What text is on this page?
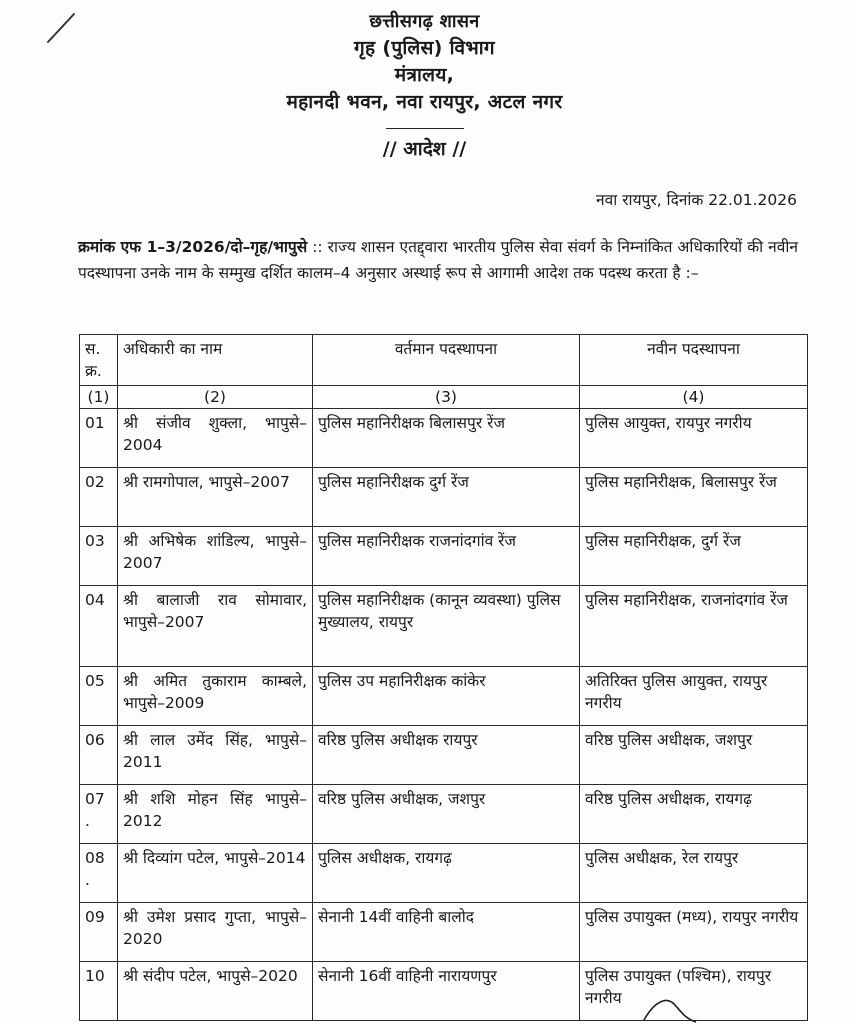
छत्तीसगढ़ शासन
गृह (पुलिस) विभाग
मंत्रालय,
महानदी भवन, नवा रायपुर, अटल नगर
// आदेश //
नवा रायपुर, दिनांक 22.01.2026
क्रमांक एफ 1–3/2026/दो–गृह/भापुसे :: राज्य शासन एतद्द्वारा भारतीय पुलिस सेवा संवर्ग के निम्नांकित अधिकारियों की नवीन पदस्थापना उनके नाम के सम्मुख दर्शित कालम–4 अनुसार अस्थाई रूप से आगामी आदेश तक पदस्थ करता है :–
स. क्र.	अधिकारी का नाम	वर्तमान पदस्थापना	नवीन पदस्थापना
(1)	(2)	(3)	(4)
01	श्री संजीव शुक्ला, भापुसे–2004	पुलिस महानिरीक्षक बिलासपुर रेंज	पुलिस आयुक्त, रायपुर नगरीय
02	श्री रामगोपाल, भापुसे–2007	पुलिस महानिरीक्षक दुर्ग रेंज	पुलिस महानिरीक्षक, बिलासपुर रेंज
03	श्री अभिषेक शांडिल्य, भापुसे–2007	पुलिस महानिरीक्षक राजनांदगांव रेंज	पुलिस महानिरीक्षक, दुर्ग रेंज
04	श्री बालाजी राव सोमावार, भापुसे–2007	पुलिस महानिरीक्षक (कानून व्यवस्था) पुलिस मुख्यालय, रायपुर	पुलिस महानिरीक्षक, राजनांदगांव रेंज
05	श्री अमित तुकाराम काम्बले, भापुसे–2009	पुलिस उप महानिरीक्षक कांकेर	अतिरिक्त पुलिस आयुक्त, रायपुर नगरीय
06	श्री लाल उमेंद सिंह, भापुसे–2011	वरिष्ठ पुलिस अधीक्षक रायपुर	वरिष्ठ पुलिस अधीक्षक, जशपुर
07 .	श्री शशि मोहन सिंह भापुसे– 2012	वरिष्ठ पुलिस अधीक्षक, जशपुर	वरिष्ठ पुलिस अधीक्षक, रायगढ़
08 .	श्री दिव्यांग पटेल, भापुसे–2014	पुलिस अधीक्षक, रायगढ़	पुलिस अधीक्षक, रेल रायपुर
09	श्री उमेश प्रसाद गुप्ता, भापुसे–2020	सेनानी 14वीं वाहिनी बालोद	पुलिस उपायुक्त (मध्य), रायपुर नगरीय
10	श्री संदीप पटेल, भापुसे–2020	सेनानी 16वीं वाहिनी नारायणपुर	पुलिस उपायुक्त (पश्चिम), रायपुर नगरीय
